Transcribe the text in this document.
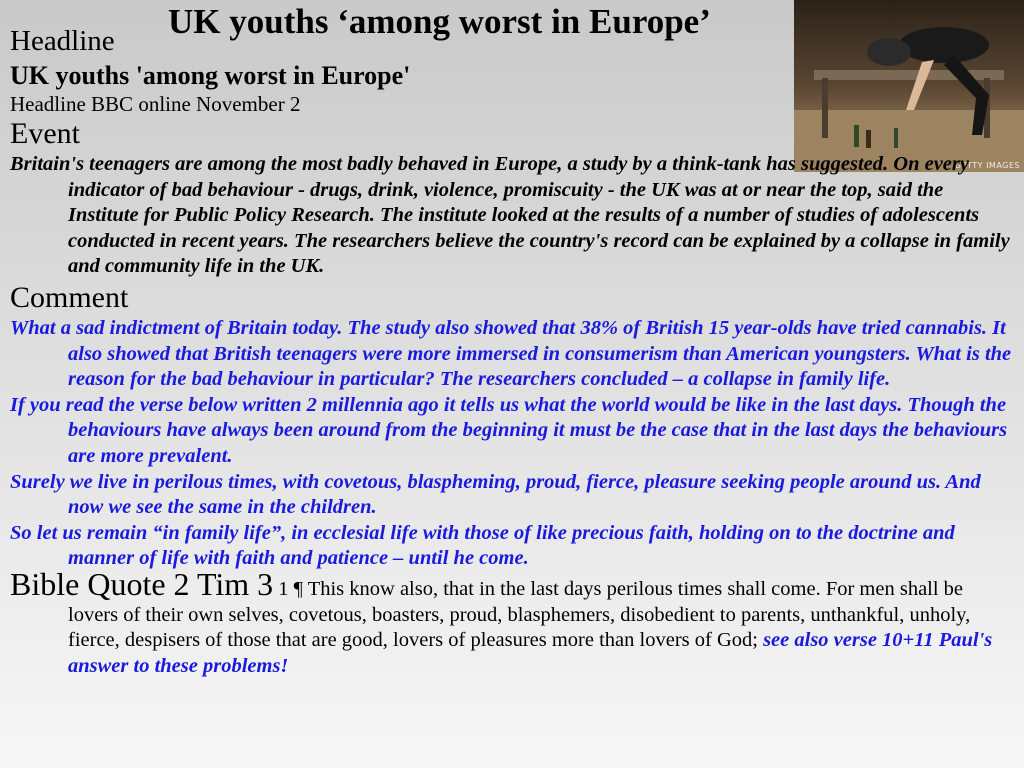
UK youths ‘among worst in Europe’
GETTY IMAGES
Headline
UK youths 'among worst in Europe'
Headline BBC online November 2
Event

Britain's teenagers are among the most badly behaved in Europe, a study by a think-tank has suggested. On every indicator of bad behaviour - drugs, drink, violence, promiscuity - the UK was at or near the top, said the Institute for Public Policy Research. The institute looked at the results of a number of studies of adolescents conducted in recent years. The researchers believe the country's record can be explained by a collapse in family and community life in the UK.

Comment

What a sad indictment of Britain today. The study also showed that 38% of British 15 year-olds have tried cannabis. It also showed that British teenagers were more immersed in consumerism than American youngsters. What is the reason for the bad behaviour in particular? The researchers concluded – a collapse in family life.

If you read the verse below written 2 millennia ago it tells us what the world would be like in the last days. Though the behaviours have always been around from the beginning it must be the case that in the last days the behaviours are more prevalent.

Surely we live in perilous times, with covetous, blaspheming, proud, fierce, pleasure seeking people around us. And now we see the same in the children.

So let us remain “in family life”, in ecclesial life with those of like precious faith, holding on to the doctrine and manner of life with faith and patience – until he come.

Bible Quote 2 Tim 3 1 ¶ This know also, that in the last days perilous times shall come. For men shall be lovers of their own selves, covetous, boasters, proud, blasphemers, disobedient to parents, unthankful, unholy, fierce, despisers of those that are good, lovers of pleasures more than lovers of God; see also verse 10+11 Paul's answer to these problems!
